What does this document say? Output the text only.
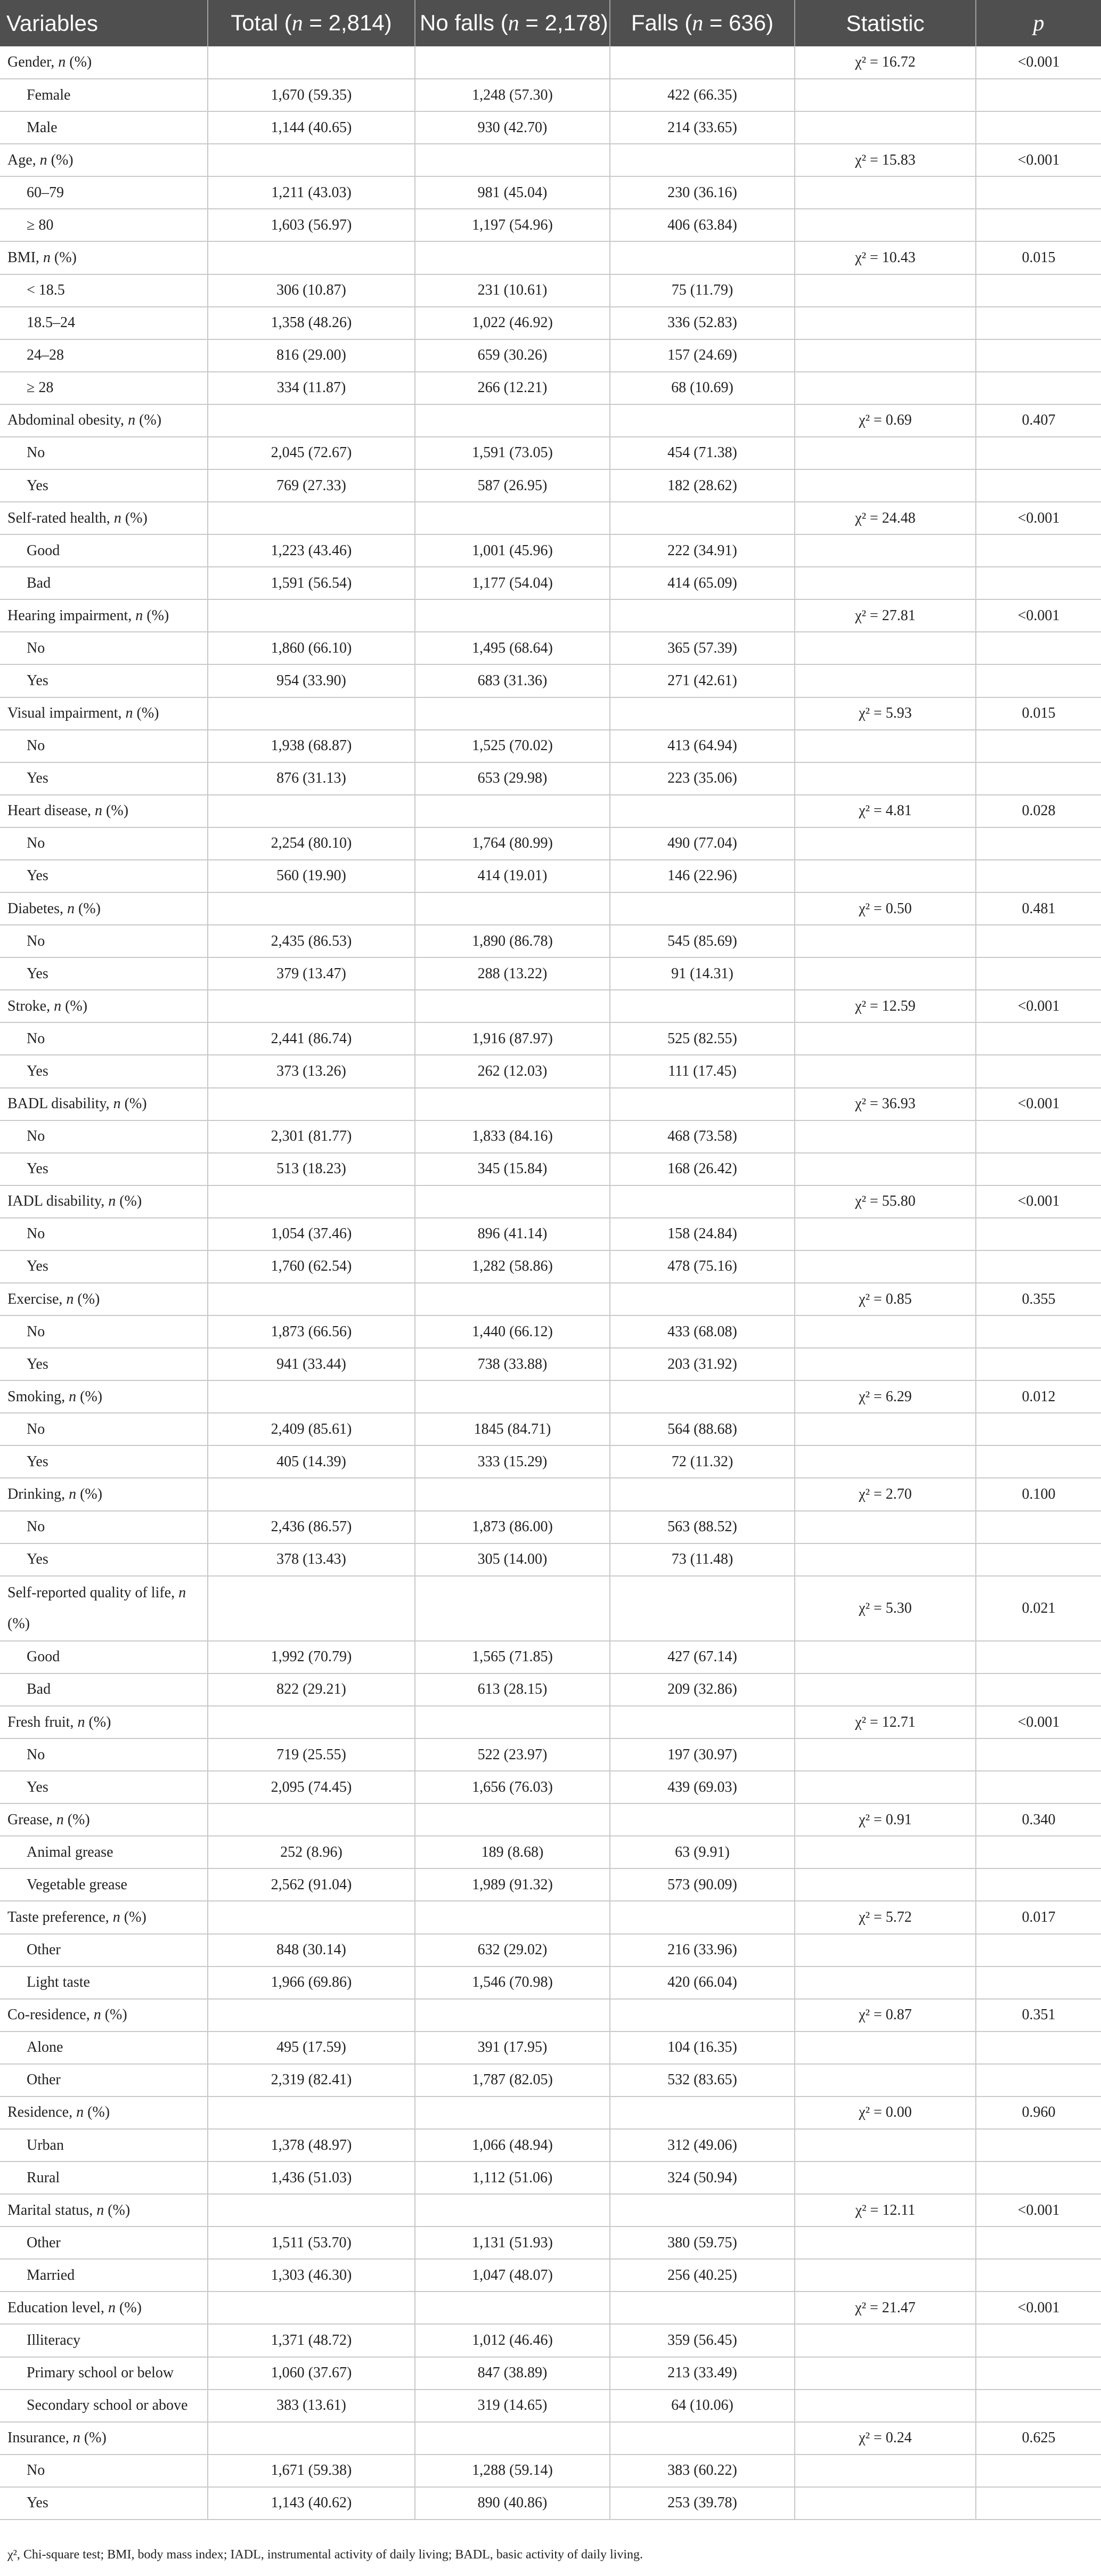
Variables	Total (n = 2,814)	No falls (n = 2,178)	Falls (n = 636)	Statistic	p
Gender, n (%)				χ² = 16.72	<0.001
Female	1,670 (59.35)	1,248 (57.30)	422 (66.35)		
Male	1,144 (40.65)	930 (42.70)	214 (33.65)		
Age, n (%)				χ² = 15.83	<0.001
60–79	1,211 (43.03)	981 (45.04)	230 (36.16)		
≥ 80	1,603 (56.97)	1,197 (54.96)	406 (63.84)		
BMI, n (%)				χ² = 10.43	0.015
< 18.5	306 (10.87)	231 (10.61)	75 (11.79)		
18.5–24	1,358 (48.26)	1,022 (46.92)	336 (52.83)		
24–28	816 (29.00)	659 (30.26)	157 (24.69)		
≥ 28	334 (11.87)	266 (12.21)	68 (10.69)		
Abdominal obesity, n (%)				χ² = 0.69	0.407
No	2,045 (72.67)	1,591 (73.05)	454 (71.38)		
Yes	769 (27.33)	587 (26.95)	182 (28.62)		
Self-rated health, n (%)				χ² = 24.48	<0.001
Good	1,223 (43.46)	1,001 (45.96)	222 (34.91)		
Bad	1,591 (56.54)	1,177 (54.04)	414 (65.09)		
Hearing impairment, n (%)				χ² = 27.81	<0.001
No	1,860 (66.10)	1,495 (68.64)	365 (57.39)		
Yes	954 (33.90)	683 (31.36)	271 (42.61)		
Visual impairment, n (%)				χ² = 5.93	0.015
No	1,938 (68.87)	1,525 (70.02)	413 (64.94)		
Yes	876 (31.13)	653 (29.98)	223 (35.06)		
Heart disease, n (%)				χ² = 4.81	0.028
No	2,254 (80.10)	1,764 (80.99)	490 (77.04)		
Yes	560 (19.90)	414 (19.01)	146 (22.96)		
Diabetes, n (%)				χ² = 0.50	0.481
No	2,435 (86.53)	1,890 (86.78)	545 (85.69)		
Yes	379 (13.47)	288 (13.22)	91 (14.31)		
Stroke, n (%)				χ² = 12.59	<0.001
No	2,441 (86.74)	1,916 (87.97)	525 (82.55)		
Yes	373 (13.26)	262 (12.03)	111 (17.45)		
BADL disability, n (%)				χ² = 36.93	<0.001
No	2,301 (81.77)	1,833 (84.16)	468 (73.58)		
Yes	513 (18.23)	345 (15.84)	168 (26.42)		
IADL disability, n (%)				χ² = 55.80	<0.001
No	1,054 (37.46)	896 (41.14)	158 (24.84)		
Yes	1,760 (62.54)	1,282 (58.86)	478 (75.16)		
Exercise, n (%)				χ² = 0.85	0.355
No	1,873 (66.56)	1,440 (66.12)	433 (68.08)		
Yes	941 (33.44)	738 (33.88)	203 (31.92)		
Smoking, n (%)				χ² = 6.29	0.012
No	2,409 (85.61)	1845 (84.71)	564 (88.68)		
Yes	405 (14.39)	333 (15.29)	72 (11.32)		
Drinking, n (%)				χ² = 2.70	0.100
No	2,436 (86.57)	1,873 (86.00)	563 (88.52)		
Yes	378 (13.43)	305 (14.00)	73 (11.48)		
Self-reported quality of life, n (%)				χ² = 5.30	0.021
Good	1,992 (70.79)	1,565 (71.85)	427 (67.14)		
Bad	822 (29.21)	613 (28.15)	209 (32.86)		
Fresh fruit, n (%)				χ² = 12.71	<0.001
No	719 (25.55)	522 (23.97)	197 (30.97)		
Yes	2,095 (74.45)	1,656 (76.03)	439 (69.03)		
Grease, n (%)				χ² = 0.91	0.340
Animal grease	252 (8.96)	189 (8.68)	63 (9.91)		
Vegetable grease	2,562 (91.04)	1,989 (91.32)	573 (90.09)		
Taste preference, n (%)				χ² = 5.72	0.017
Other	848 (30.14)	632 (29.02)	216 (33.96)		
Light taste	1,966 (69.86)	1,546 (70.98)	420 (66.04)		
Co-residence, n (%)				χ² = 0.87	0.351
Alone	495 (17.59)	391 (17.95)	104 (16.35)		
Other	2,319 (82.41)	1,787 (82.05)	532 (83.65)		
Residence, n (%)				χ² = 0.00	0.960
Urban	1,378 (48.97)	1,066 (48.94)	312 (49.06)		
Rural	1,436 (51.03)	1,112 (51.06)	324 (50.94)		
Marital status, n (%)				χ² = 12.11	<0.001
Other	1,511 (53.70)	1,131 (51.93)	380 (59.75)		
Married	1,303 (46.30)	1,047 (48.07)	256 (40.25)		
Education level, n (%)				χ² = 21.47	<0.001
Illiteracy	1,371 (48.72)	1,012 (46.46)	359 (56.45)		
Primary school or below	1,060 (37.67)	847 (38.89)	213 (33.49)		
Secondary school or above	383 (13.61)	319 (14.65)	64 (10.06)		
Insurance, n (%)				χ² = 0.24	0.625
No	1,671 (59.38)	1,288 (59.14)	383 (60.22)		
Yes	1,143 (40.62)	890 (40.86)	253 (39.78)		
χ², Chi-square test; BMI, body mass index; IADL, instrumental activity of daily living; BADL, basic activity of daily living.
